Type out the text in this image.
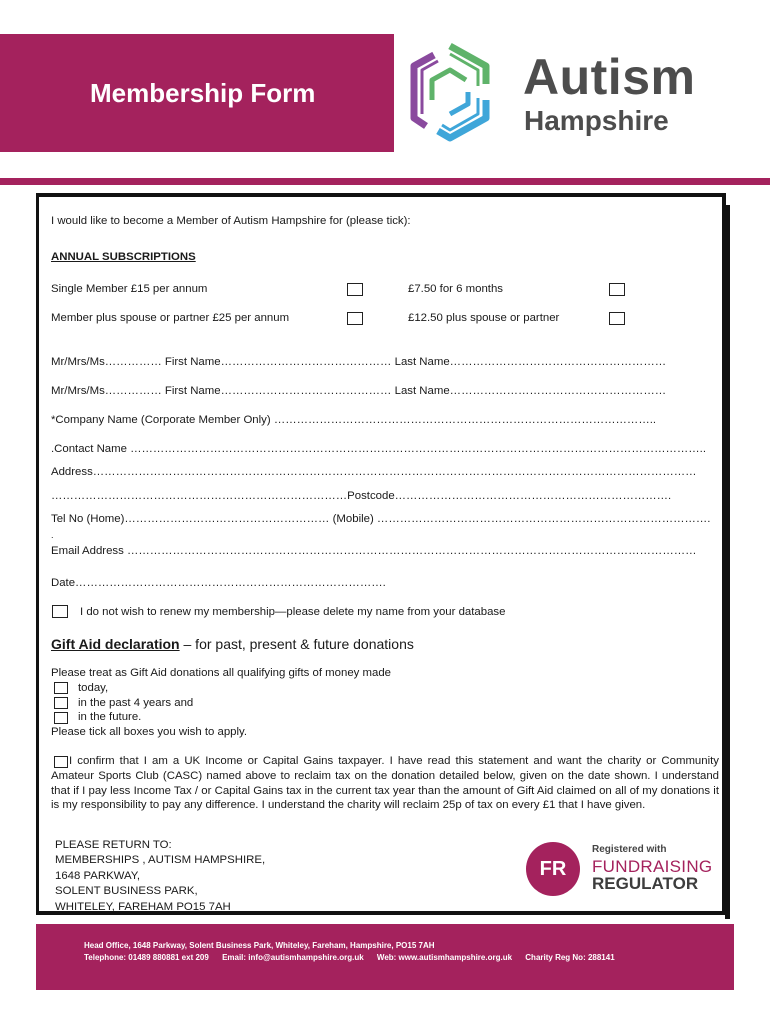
Membership Form	Autism
Hampshire
I would like to become a Member of Autism Hampshire for (please tick):
ANNUAL SUBSCRIPTIONS
Single Member £15 per annum	£7.50 for 6 months
Member plus spouse or partner £25 per annum	£12.50 plus spouse or partner
Mr/Mrs/Ms…………… First Name……………………………………… Last Name…………………………………………………
Mr/Mrs/Ms…………… First Name……………………………………… Last Name…………………………………………………
*Company Name (Corporate Member Only) ………………………………………………………………………………………..
.Contact Name ……………………………………………………………………………………………………………………………………..
Address……………………………………………………………………………………………………………………………………………
……………………………………………………………………Postcode……………………………………………………………….
Tel No (Home)……………………………………………… (Mobile) …………………………………………………………………………….
.
Email Address ……………………………………………………………………………………………………………………………………
Date……………………………………………………………………….
I do not wish to renew my membership—please delete my name from your database
Gift Aid declaration – for past, present & future donations
Please treat as Gift Aid donations all qualifying gifts of money made
today,
in the past 4 years and
in the future.
Please tick all boxes you wish to apply.
I confirm that I am a UK Income or Capital Gains taxpayer. I have read this statement and want the charity or Community Amateur Sports Club (CASC) named above to reclaim tax on the donation detailed below, given on the date shown. I understand that if I pay less Income Tax / or Capital Gains tax in the current tax year than the amount of Gift Aid claimed on all of my donations it is my responsibility to pay any difference. I understand the charity will reclaim 25p of tax on every £1 that I have given.
PLEASE RETURN TO:
MEMBERSHIPS , AUTISM HAMPSHIRE,
1648 PARKWAY,
SOLENT BUSINESS PARK,
WHITELEY, FAREHAM PO15 7AH
FR
Registered with
FUNDRAISING
REGULATOR
Head Office, 1648 Parkway, Solent Business Park, Whiteley, Fareham, Hampshire, PO15 7AH
Telephone: 01489 880881 ext 209 Email: info@autismhampshire.org.uk Web: www.autismhampshire.org.uk Charity Reg No: 288141
